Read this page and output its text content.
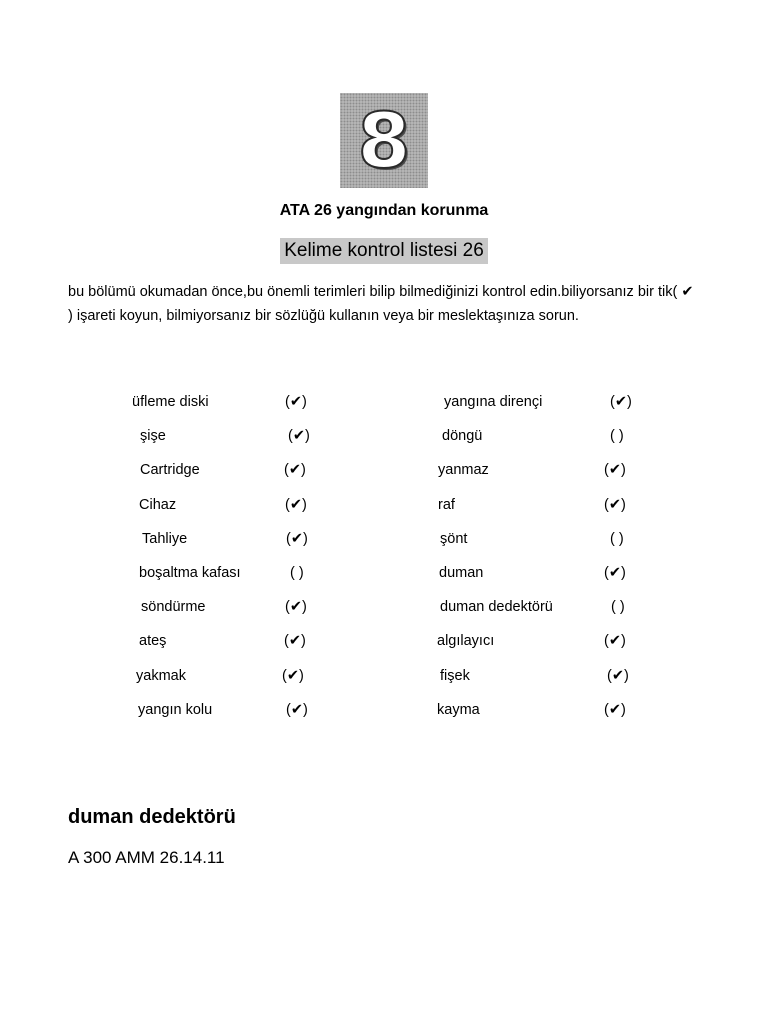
8
ATA 26 yangından korunma
Kelime kontrol listesi 26
bu bölümü okumadan önce,bu önemli terimleri bilip bilmediğinizi kontrol edin.biliyorsanız bir tik( ✔ ) işareti koyun, bilmiyorsanız bir sözlüğü kullanın veya bir meslektaşınıza sorun.
üfleme diski	(✔)	yangına dirençi	(✔)
şişe	(✔)	döngü	( )
Cartridge	(✔)	yanmaz	(✔)
Cihaz	(✔)	raf	(✔)
Tahliye	(✔)	şönt	( )
boşaltma kafası	( )	duman	(✔)
söndürme	(✔)	duman dedektörü	( )
ateş	(✔)	algılayıcı	(✔)
yakmak	(✔)	fişek	(✔)
yangın kolu	(✔)	kayma	(✔)
duman dedektörü
A 300 AMM 26.14.11
